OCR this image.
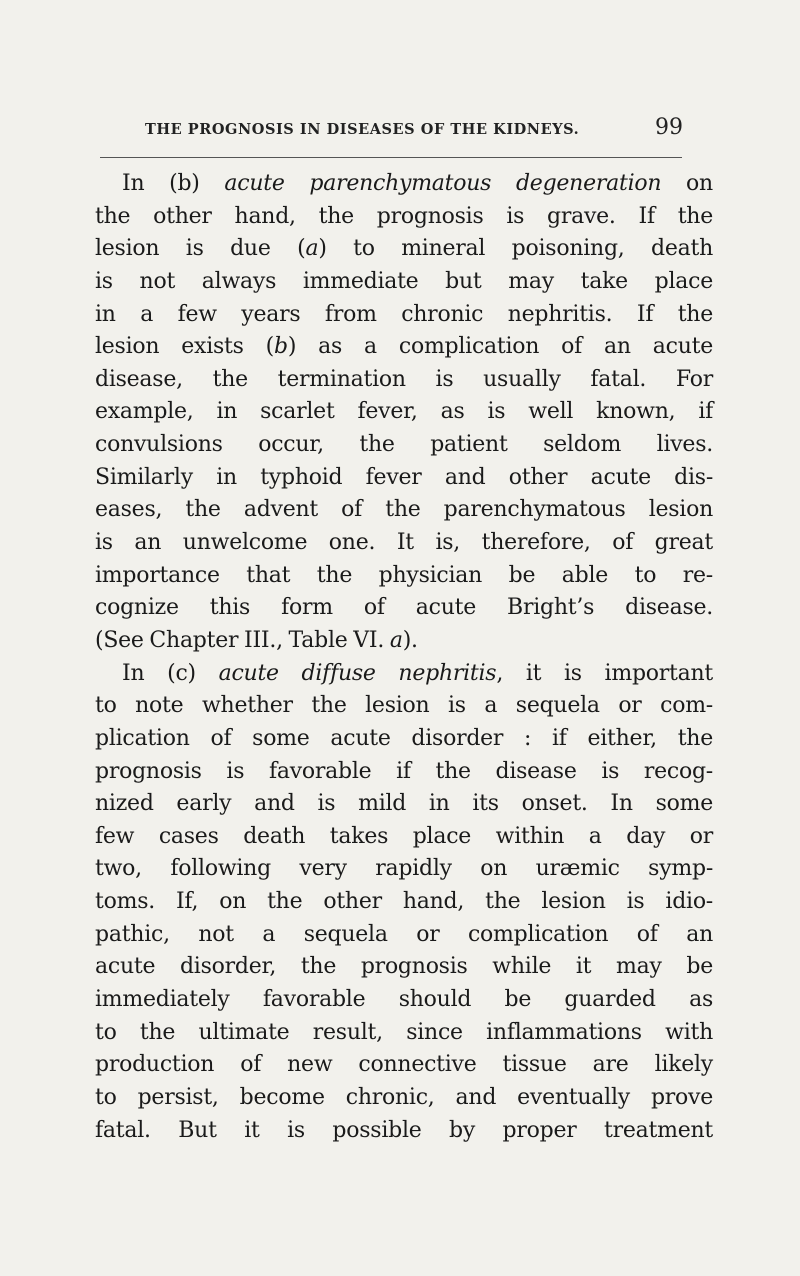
THE PROGNOSIS IN DISEASES OF THE KIDNEYS.	99
In (b) acute parenchymatous degeneration on
the other hand, the prognosis is grave. If the
lesion is due (a) to mineral poisoning, death
is not always immediate but may take place
in a few years from chronic nephritis. If the
lesion exists (b) as a complication of an acute
disease, the termination is usually fatal. For
example, in scarlet fever, as is well known, if
convulsions occur, the patient seldom lives.
Similarly in typhoid fever and other acute dis-
eases, the advent of the parenchymatous lesion
is an unwelcome one. It is, therefore, of great
importance that the physician be able to re-
cognize this form of acute Bright’s disease.
(See Chapter III., Table VI. a).
In (c) acute diffuse nephritis, it is important
to note whether the lesion is a sequela or com-
plication of some acute disorder : if either, the
prognosis is favorable if the disease is recog-
nized early and is mild in its onset. In some
few cases death takes place within a day or
two, following very rapidly on uræmic symp-
toms. If, on the other hand, the lesion is idio-
pathic, not a sequela or complication of an
acute disorder, the prognosis while it may be
immediately favorable should be guarded as
to the ultimate result, since inflammations with
production of new connective tissue are likely
to persist, become chronic, and eventually prove
fatal. But it is possible by proper treatment
